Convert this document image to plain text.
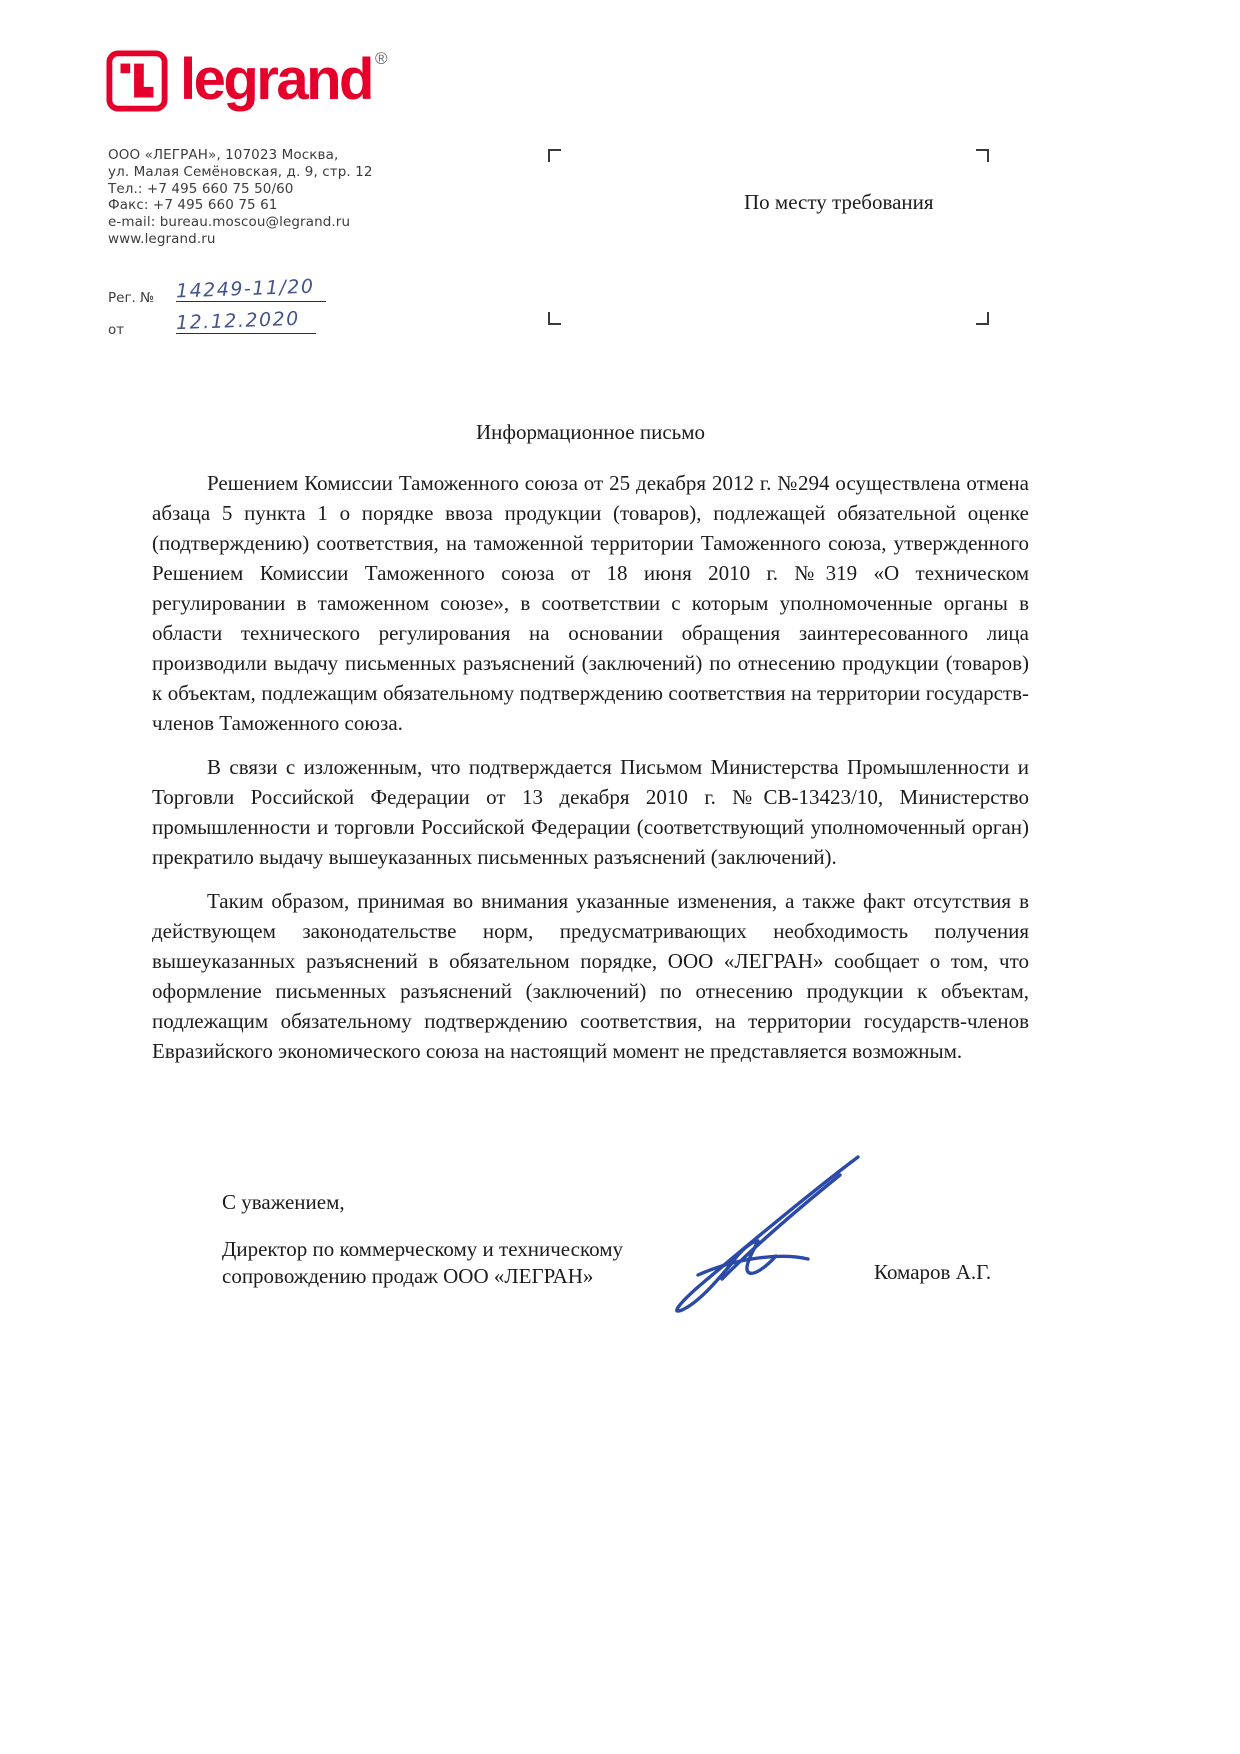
legrand ®
ООО «ЛЕГРАН», 107023 Москва,
ул. Малая Семёновская, д. 9, стр. 12
Тел.: +7 495 660 75 50/60
Факс: +7 495 660 75 61
e-mail: bureau.moscou@legrand.ru
www.legrand.ru
Рег. № 14249-11/20
от	12.12.2020
По месту требования
Информационное письмо

Решением Комиссии Таможенного союза от 25 декабря 2012 г. №294 осуществлена отмена абзаца 5 пункта 1 о порядке ввоза продукции (товаров), подлежащей обязательной оценке (подтверждению) соответствия, на таможенной территории Таможенного союза, утвержденного Решением Комиссии Таможенного союза от 18 июня 2010 г. №319 «О техническом регулировании в таможенном союзе», в соответствии с которым уполномоченные органы в области технического регулирования на основании обращения заинтересованного лица производили выдачу письменных разъяснений (заключений) по отнесению продукции (товаров) к объектам, подлежащим обязательному подтверждению соответствия на территории государств-членов Таможенного союза.

В связи с изложенным, что подтверждается Письмом Министерства Промышленности и Торговли Российской Федерации от 13 декабря 2010 г. №СВ-13423/10, Министерство промышленности и торговли Российской Федерации (соответствующий уполномоченный орган) прекратило выдачу вышеуказанных письменных разъяснений (заключений).

Таким образом, принимая во внимания указанные изменения, а также факт отсутствия в действующем законодательстве норм, предусматривающих необходимость получения вышеуказанных разъяснений в обязательном порядке, ООО «ЛЕГРАН» сообщает о том, что оформление письменных разъяснений (заключений) по отнесению продукции к объектам, подлежащим обязательному подтверждению соответствия, на территории государств-членов Евразийского экономического союза на настоящий момент не представляется возможным.

С уважением,
Директор по коммерческому и техническому
сопровождению продаж ООО «ЛЕГРАН»	Комаров А.Г.
